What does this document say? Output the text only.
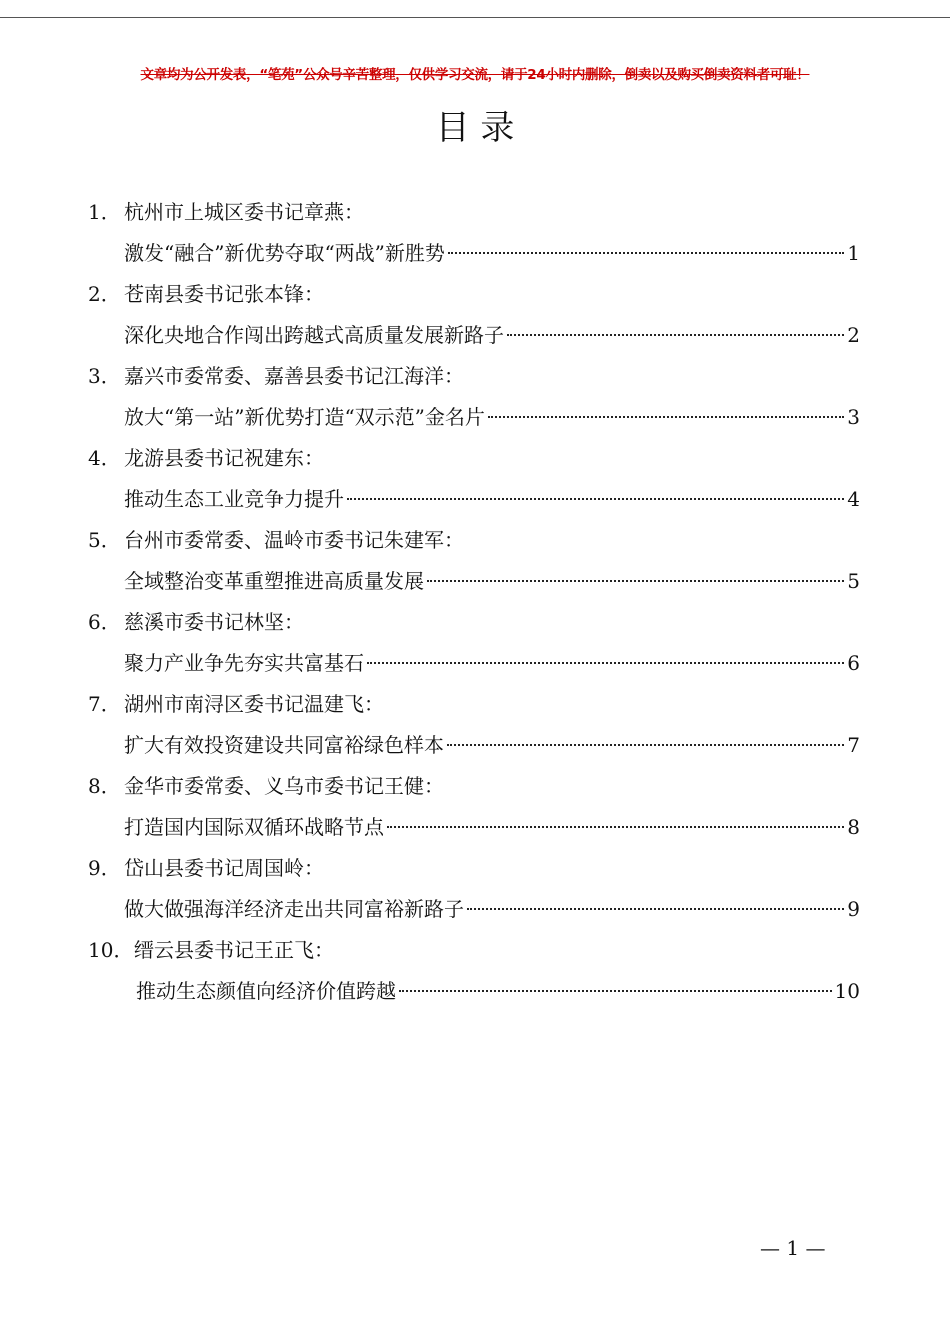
文章均为公开发表，“笔苑”公众号辛苦整理，仅供学习交流，请于24小时内删除，倒卖以及购买倒卖资料者可耻！
目 录
1． 杭州市上城区委书记章燕：
激发“融合”新优势夺取“两战”新胜势	1
2． 苍南县委书记张本锋：
深化央地合作闯出跨越式高质量发展新路子	2
3． 嘉兴市委常委、嘉善县委书记江海洋：
放大“第一站”新优势打造“双示范”金名片	3
4． 龙游县委书记祝建东：
推动生态工业竞争力提升	4
5． 台州市委常委、温岭市委书记朱建军：
全域整治变革重塑推进高质量发展	5
6． 慈溪市委书记林坚：
聚力产业争先夯实共富基石	6
7． 湖州市南浔区委书记温建飞：
扩大有效投资建设共同富裕绿色样本	7
8． 金华市委常委、义乌市委书记王健：
打造国内国际双循环战略节点	8
9． 岱山县委书记周国岭：
做大做强海洋经济走出共同富裕新路子	9
10．缙云县委书记王正飞：
推动生态颜值向经济价值跨越	10
— 1 —
